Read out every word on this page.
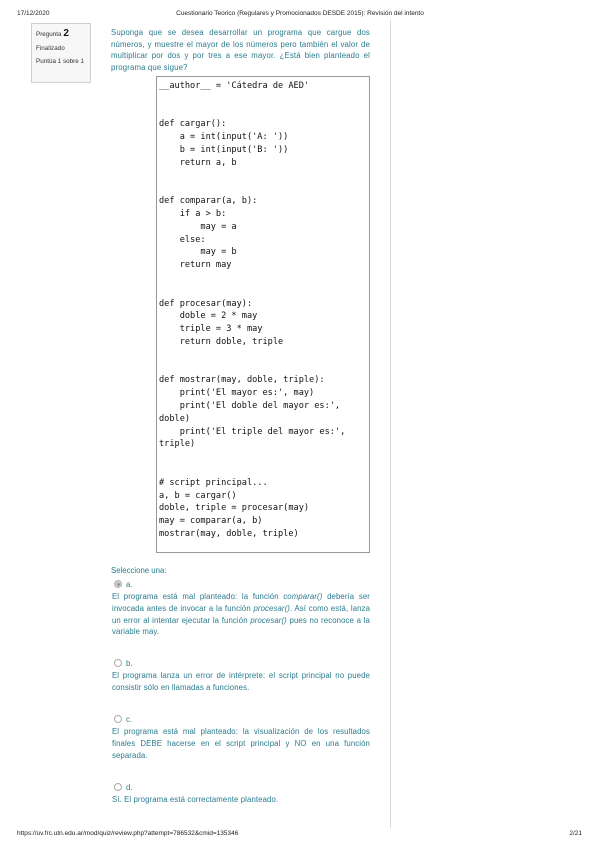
17/12/2020	Cuestionario Teorico (Regulares y Promocionados DESDE 2015): Revisión del intento
Pregunta 2
Finalizado
Puntúa 1 sobre 1
Suponga que se desea desarrollar un programa que cargue dos números, y muestre el mayor de los números pero también el valor de multiplicar por dos y por tres a ese mayor. ¿Está bien planteado el programa que sigue?
__author__ = 'Cátedra de AED'

def cargar():
a = int(input('A: '))
b = int(input('B: '))
return a, b

def comparar(a, b):
if a > b:
may = a
else:
may = b
return may

def procesar(may):
doble = 2 * may
triple = 3 * may
return doble, triple

def mostrar(may, doble, triple):
print('El mayor es:', may)
print('El doble del mayor es:',
doble)
print('El triple del mayor es:',
triple)

# script principal...
a, b = cargar()
doble, triple = procesar(may)
may = comparar(a, b)
mostrar(may, doble, triple)
Seleccione una:
a.
El programa está mal planteado: la función comparar() debería ser invocada antes de invocar a la función procesar(). Así como está, lanza un error al intentar ejecutar la función procesar() pues no reconoce a la variable may.
b.
El programa lanza un error de intérprete: el script principal no puede consistir sólo en llamadas a funciones.
c.
El programa está mal planteado: la visualización de los resultados finales DEBE hacerse en el script principal y NO en una función separada.
d.
Sí. El programa está correctamente planteado.
https://uv.frc.utn.edu.ar/mod/quiz/review.php?attempt=786532&cmid=135346	2/21
